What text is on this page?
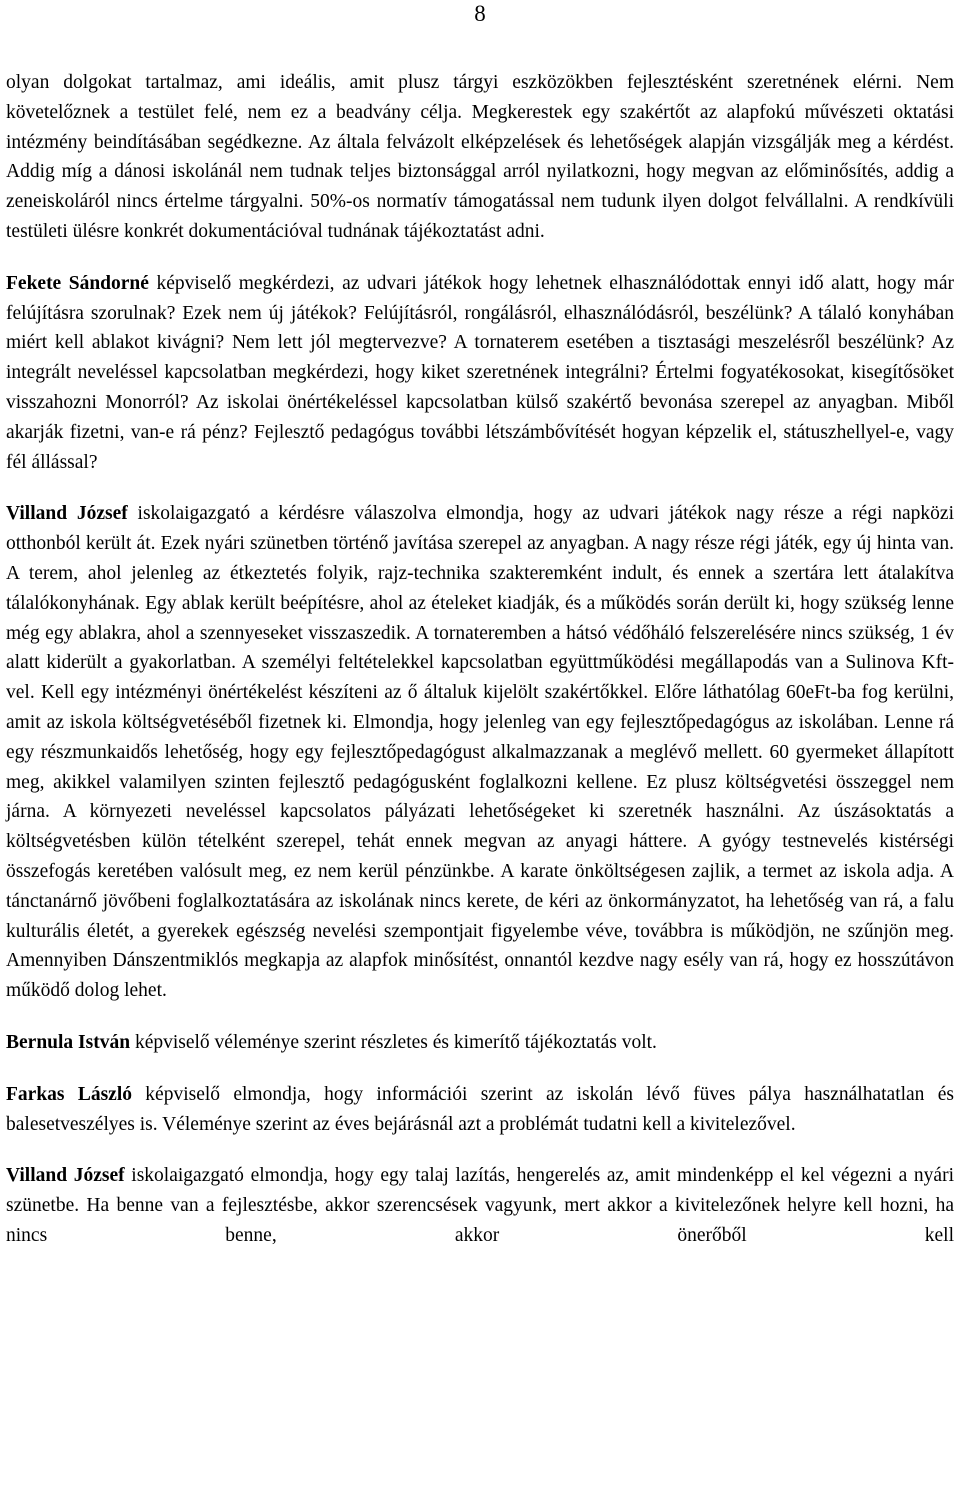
8

olyan dolgokat tartalmaz, ami ideális, amit plusz tárgyi eszközökben fejlesztésként szeretnének elérni. Nem követelőznek a testület felé, nem ez a beadvány célja. Megkerestek egy szakértőt az alapfokú művészeti oktatási intézmény beindításában segédkezne. Az általa felvázolt elképzelések és lehetőségek alapján vizsgálják meg a kérdést. Addig míg a dánosi iskolánál nem tudnak teljes biztonsággal arról nyilatkozni, hogy megvan az előminősítés, addig a zeneiskoláról nincs értelme tárgyalni. 50%-os normatív támogatással nem tudunk ilyen dolgot felvállalni. A rendkívüli testületi ülésre konkrét dokumentációval tudnának tájékoztatást adni.

Fekete Sándorné képviselő megkérdezi, az udvari játékok hogy lehetnek elhasználódottak ennyi idő alatt, hogy már felújításra szorulnak? Ezek nem új játékok? Felújításról, rongálásról, elhasználódásról, beszélünk? A tálaló konyhában miért kell ablakot kivágni? Nem lett jól megtervezve? A tornaterem esetében a tisztasági meszelésről beszélünk? Az integrált neveléssel kapcsolatban megkérdezi, hogy kiket szeretnének integrálni? Értelmi fogyatékosokat, kisegítősöket visszahozni Monorról? Az iskolai önértékeléssel kapcsolatban külső szakértő bevonása szerepel az anyagban. Miből akarják fizetni, van-e rá pénz? Fejlesztő pedagógus további létszámbővítését hogyan képzelik el, státuszhellyel-e, vagy fél állással?

Villand József iskolaigazgató a kérdésre válaszolva elmondja, hogy az udvari játékok nagy része a régi napközi otthonból került át. Ezek nyári szünetben történő javítása szerepel az anyagban. A nagy része régi játék, egy új hinta van. A terem, ahol jelenleg az étkeztetés folyik, rajz-technika szakteremként indult, és ennek a szertára lett átalakítva tálalókonyhának. Egy ablak került beépítésre, ahol az ételeket kiadják, és a működés során derült ki, hogy szükség lenne még egy ablakra, ahol a szennyeseket visszaszedik. A tornateremben a hátsó védőháló felszerelésére nincs szükség, 1 év alatt kiderült a gyakorlatban. A személyi feltételekkel kapcsolatban együttműködési megállapodás van a Sulinova Kft-vel. Kell egy intézményi önértékelést készíteni az ő általuk kijelölt szakértőkkel. Előre láthatólag 60eFt-ba fog kerülni, amit az iskola költségvetéséből fizetnek ki. Elmondja, hogy jelenleg van egy fejlesztőpedagógus az iskolában. Lenne rá egy részmunkaidős lehetőség, hogy egy fejlesztőpedagógust alkalmazzanak a meglévő mellett. 60 gyermeket állapított meg, akikkel valamilyen szinten fejlesztő pedagógusként foglalkozni kellene. Ez plusz költségvetési összeggel nem járna. A környezeti neveléssel kapcsolatos pályázati lehetőségeket ki szeretnék használni. Az úszásoktatás a költségvetésben külön tételként szerepel, tehát ennek megvan az anyagi háttere. A gyógy testnevelés kistérségi összefogás keretében valósult meg, ez nem kerül pénzünkbe. A karate önköltségesen zajlik, a termet az iskola adja. A tánctanárnő jövőbeni foglalkoztatására az iskolának nincs kerete, de kéri az önkormányzatot, ha lehetőség van rá, a falu kulturális életét, a gyerekek egészség nevelési szempontjait figyelembe véve, továbbra is működjön, ne szűnjön meg. Amennyiben Dánszentmiklós megkapja az alapfok minősítést, onnantól kezdve nagy esély van rá, hogy ez hosszútávon működő dolog lehet.

Bernula István képviselő véleménye szerint részletes és kimerítő tájékoztatás volt.

Farkas László képviselő elmondja, hogy információi szerint az iskolán lévő füves pálya használhatatlan és balesetveszélyes is. Véleménye szerint az éves bejárásnál azt a problémát tudatni kell a kivitelezővel.

Villand József iskolaigazgató elmondja, hogy egy talaj lazítás, hengerelés az, amit mindenképp el kel végezni a nyári szünetbe. Ha benne van a fejlesztésbe, akkor szerencsések vagyunk, mert akkor a kivitelezőnek helyre kell hozni, ha nincs benne, akkor önerőből kell
